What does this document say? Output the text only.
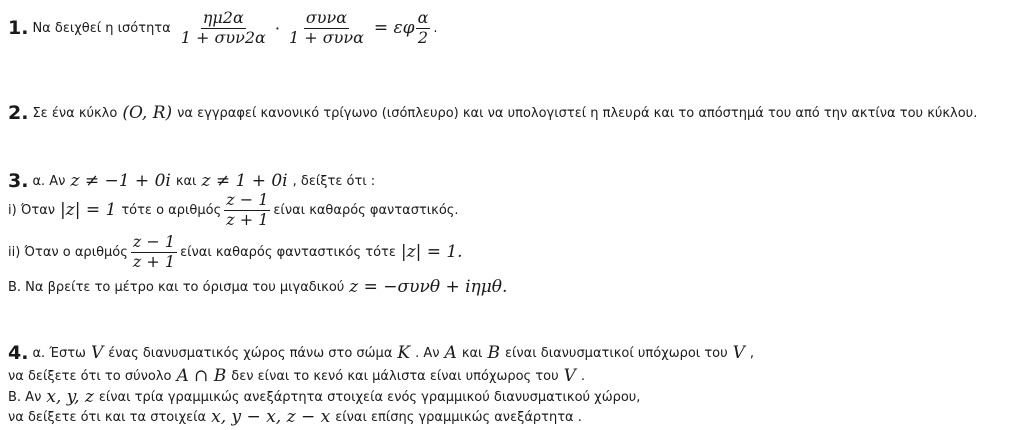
1. Να δειχθεί η ισότητα $\frac{\eta\mu 2\alpha}{\text{1 + συν2α}} \cdot \frac{\text{συνα}}{\text{1 + συνα}} = \varepsilon\varphi \frac{\alpha}{2}$ .
2. Σε ένα κύκλο (O, R) να εγγραφεί κανονικό τρίγωνο (ισόπλευρο) και να υπολογιστεί η πλευρά και το απόστημά του από την ακτίνα του κύκλου.
3. α. Αν z ≠ −1 + 0i και z ≠ 1 + 0i , δείξτε ότι :
i) Όταν |z| = 1 τότε ο αριθμός $\frac{z - 1}{z + 1}$ είναι καθαρός φανταστικός.
ii) Όταν ο αριθμός $\frac{z - 1}{z + 1}$ είναι καθαρός φανταστικός τότε |z| = 1.
Β. Να βρείτε το μέτρο και το όρισμα του μιγαδικού z = −συνθ + iημθ.
4. α. Έστω V ένας διανυσματικός χώρος πάνω στο σώμα K . Αν A και B είναι διανυσματικοί υπόχωροι του V ,
να δείξετε ότι το σύνολο A ∩ B δεν είναι το κενό και μάλιστα είναι υπόχωρος του V .
Β. Αν x, y, z είναι τρία γραμμικώς ανεξάρτητα στοιχεία ενός γραμμικού διανυσματικού χώρου,
να δείξετε ότι και τα στοιχεία x, y − x, z − x είναι επίσης γραμμικώς ανεξάρτητα .
